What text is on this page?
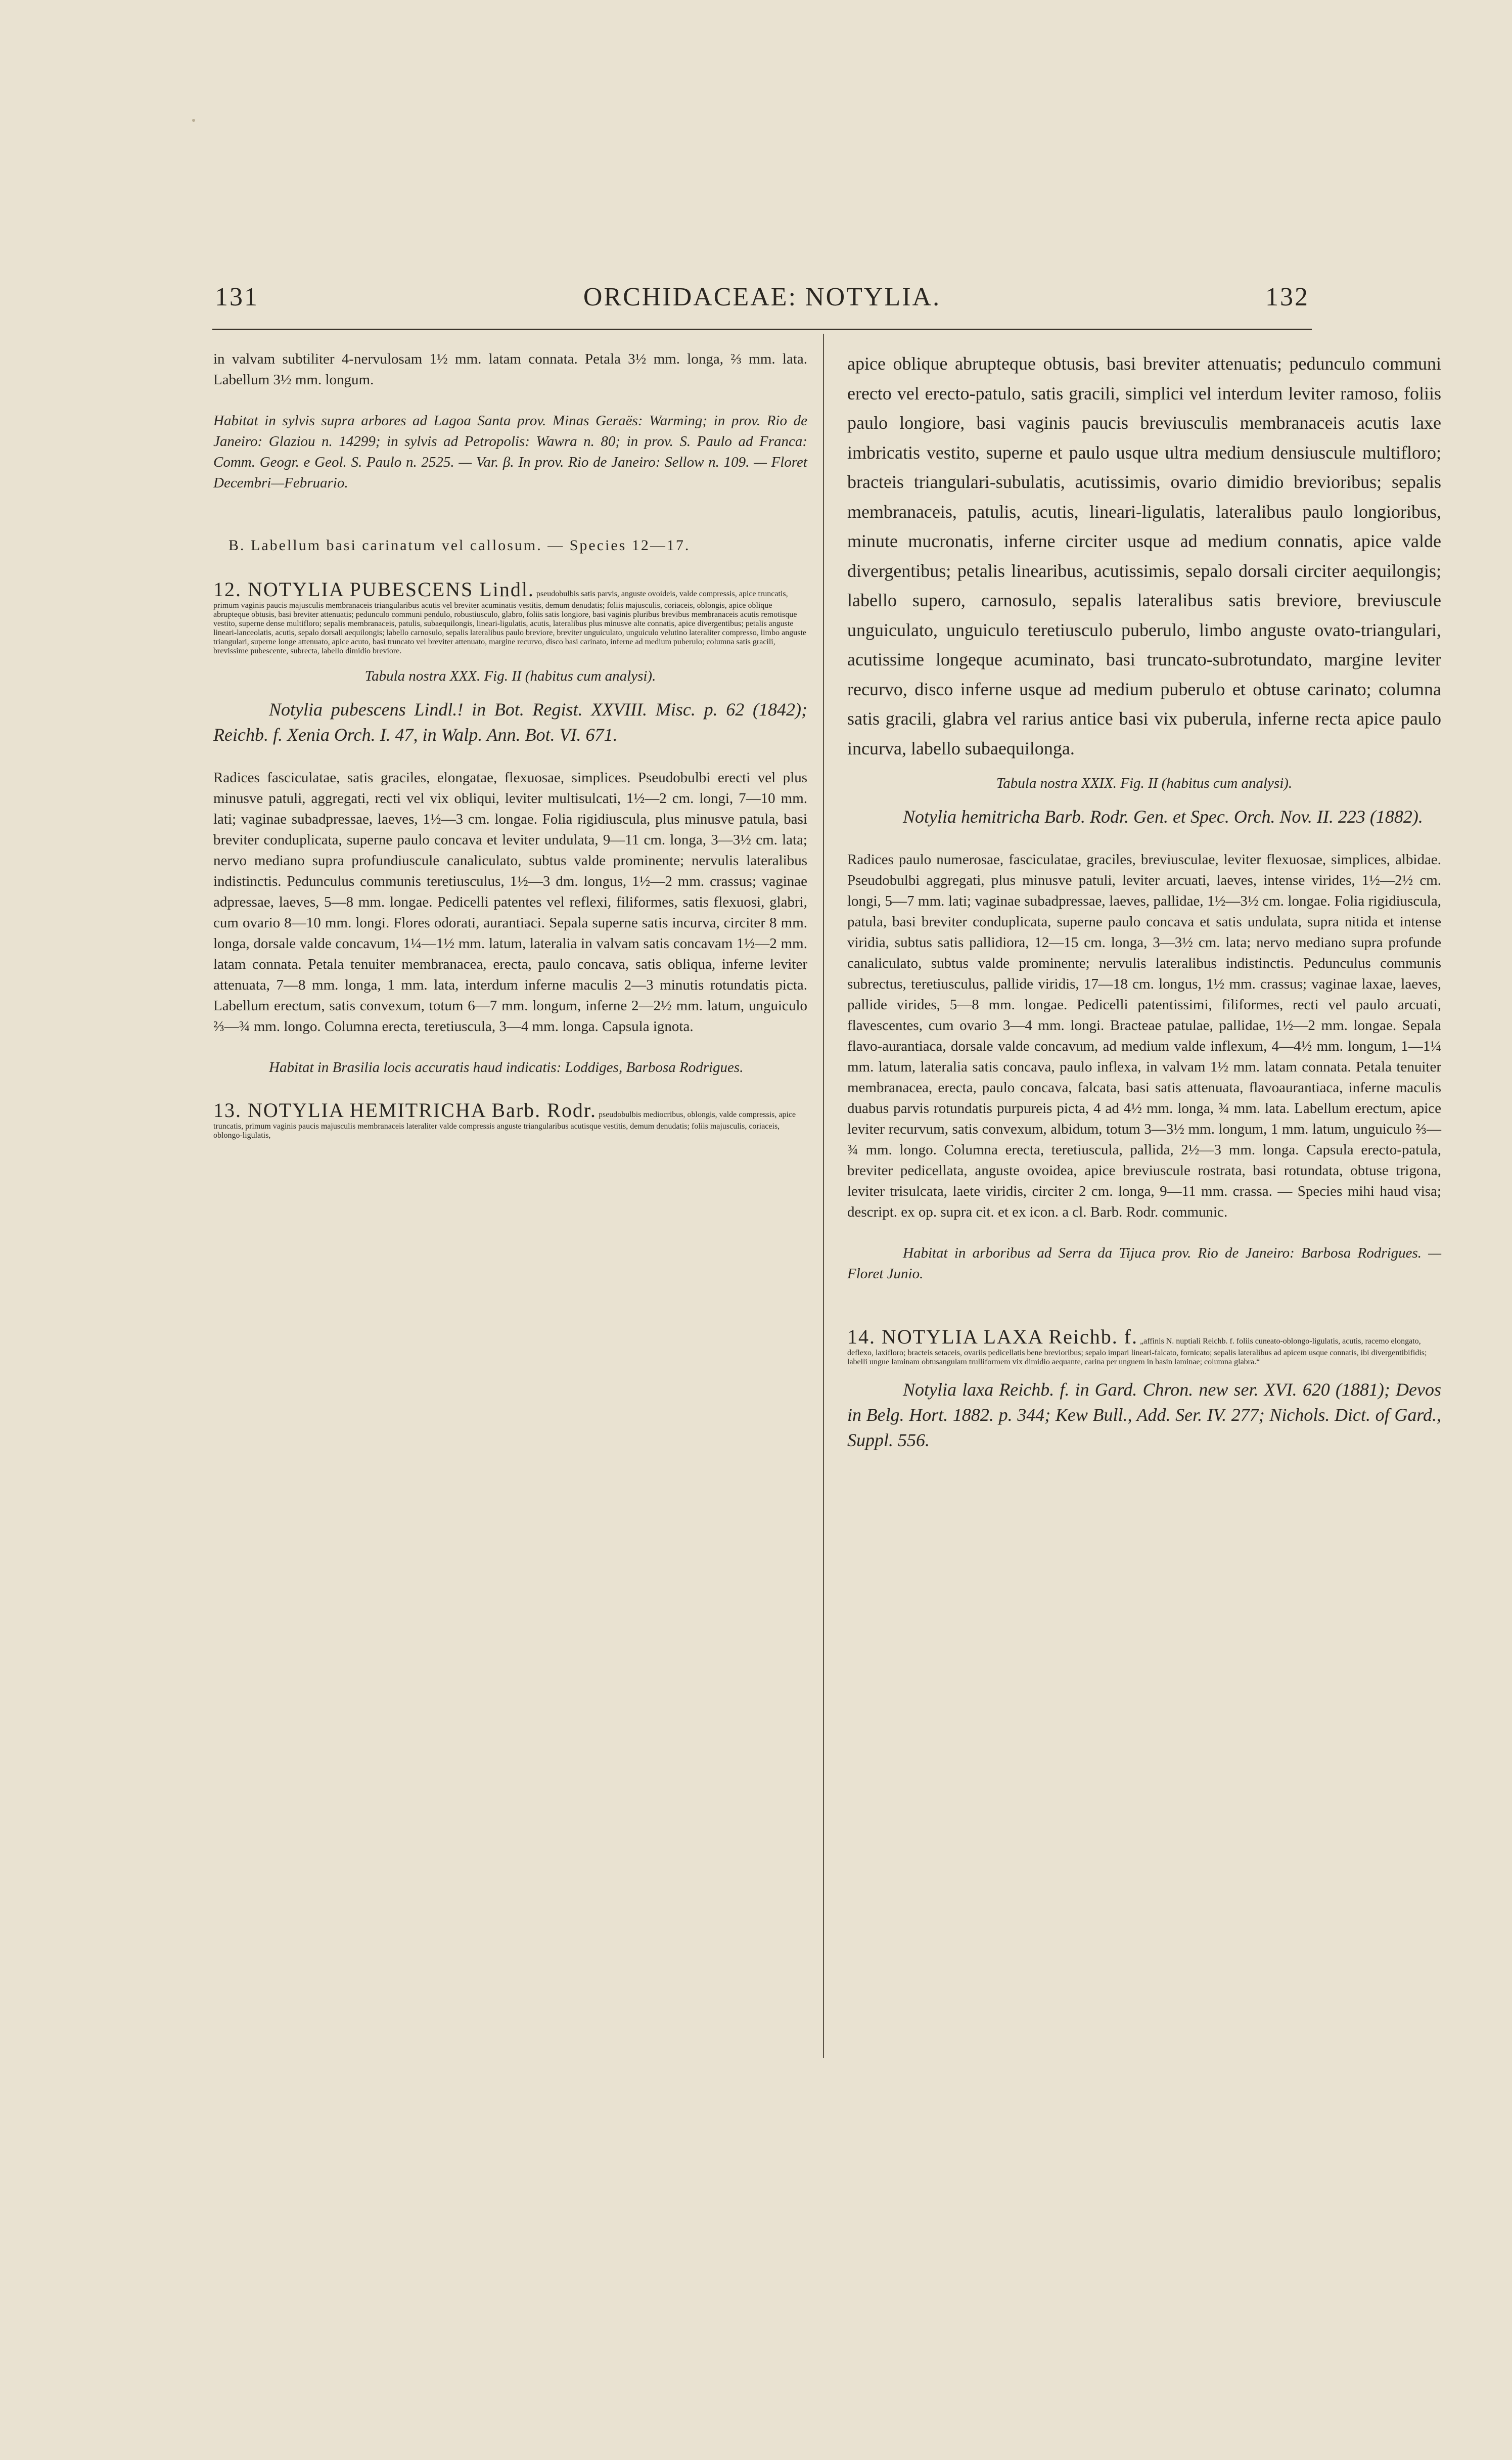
131	ORCHIDACEAE: NOTYLIA.	132

in valvam subtiliter 4-nervulosam 1½ mm. latam connata. Petala 3½ mm. longa, ⅔ mm. lata. Labellum 3½ mm. longum.

Habitat in sylvis supra arbores ad Lagoa Santa prov. Minas Geraës: Warming; in prov. Rio de Janeiro: Glaziou n. 14299; in sylvis ad Petropolis: Wawra n. 80; in prov. S. Paulo ad Franca: Comm. Geogr. e Geol. S. Paulo n. 2525. — Var. β. In prov. Rio de Janeiro: Sellow n. 109. — Floret Decembri—Februario.

B. Labellum basi carinatum vel callosum. — Species 12—17.

12. NOTYLIA PUBESCENS Lindl. pseudobulbis satis parvis, anguste ovoideis, valde compressis, apice truncatis, primum vaginis paucis majusculis membranaceis triangularibus acutis vel breviter acuminatis vestitis, demum denudatis; foliis majusculis, coriaceis, oblongis, apice oblique abrupteque obtusis, basi breviter attenuatis; pedunculo communi pendulo, robustiusculo, glabro, foliis satis longiore, basi vaginis pluribus brevibus membranaceis acutis remotisque vestito, superne dense multifloro; sepalis membranaceis, patulis, subaequilongis, lineari-ligulatis, acutis, lateralibus plus minusve alte connatis, apice divergentibus; petalis anguste lineari-lanceolatis, acutis, sepalo dorsali aequilongis; labello carnosulo, sepalis lateralibus paulo breviore, breviter unguiculato, unguiculo velutino lateraliter compresso, limbo anguste triangulari, superne longe attenuato, apice acuto, basi truncato vel breviter attenuato, margine recurvo, disco basi carinato, inferne ad medium puberulo; columna satis gracili, brevissime pubescente, subrecta, labello dimidio breviore.

Tabula nostra XXX. Fig. II (habitus cum analysi).

Notylia pubescens Lindl.! in Bot. Regist. XXVIII. Misc. p. 62 (1842); Reichb. f. Xenia Orch. I. 47, in Walp. Ann. Bot. VI. 671.

Radices fasciculatae, satis graciles, elongatae, flexuosae, simplices. Pseudobulbi erecti vel plus minusve patuli, aggregati, recti vel vix obliqui, leviter multisulcati, 1½—2 cm. longi, 7—10 mm. lati; vaginae subadpressae, laeves, 1½—3 cm. longae. Folia rigidiuscula, plus minusve patula, basi breviter conduplicata, superne paulo concava et leviter undulata, 9—11 cm. longa, 3—3½ cm. lata; nervo mediano supra profundiuscule canaliculato, subtus valde prominente; nervulis lateralibus indistinctis. Pedunculus communis teretiusculus, 1½—3 dm. longus, 1½—2 mm. crassus; vaginae adpressae, laeves, 5—8 mm. longae. Pedicelli patentes vel reflexi, filiformes, satis flexuosi, glabri, cum ovario 8—10 mm. longi. Flores odorati, aurantiaci. Sepala superne satis incurva, circiter 8 mm. longa, dorsale valde concavum, 1¼—1½ mm. latum, lateralia in valvam satis concavam 1½—2 mm. latam connata. Petala tenuiter membranacea, erecta, paulo concava, satis obliqua, inferne leviter attenuata, 7—8 mm. longa, 1 mm. lata, interdum inferne maculis 2—3 minutis rotundatis picta. Labellum erectum, satis convexum, totum 6—7 mm. longum, inferne 2—2½ mm. latum, unguiculo ⅔—¾ mm. longo. Columna erecta, teretiuscula, 3—4 mm. longa. Capsula ignota.

Habitat in Brasilia locis accuratis haud indicatis: Loddiges, Barbosa Rodrigues.

13. NOTYLIA HEMITRICHA Barb. Rodr. pseudobulbis mediocribus, oblongis, valde compressis, apice truncatis, primum vaginis paucis majusculis membranaceis lateraliter valde compressis anguste triangularibus acutisque vestitis, demum denudatis; foliis majusculis, coriaceis, oblongo-ligulatis,

apice oblique abrupteque obtusis, basi breviter attenuatis; pedunculo communi erecto vel erecto-patulo, satis gracili, simplici vel interdum leviter ramoso, foliis paulo longiore, basi vaginis paucis breviusculis membranaceis acutis laxe imbricatis vestito, superne et paulo usque ultra medium densiuscule multifloro; bracteis triangulari-subulatis, acutissimis, ovario dimidio brevioribus; sepalis membranaceis, patulis, acutis, lineari-ligulatis, lateralibus paulo longioribus, minute mucronatis, inferne circiter usque ad medium connatis, apice valde divergentibus; petalis linearibus, acutissimis, sepalo dorsali circiter aequilongis; labello supero, carnosulo, sepalis lateralibus satis breviore, breviuscule unguiculato, unguiculo teretiusculo puberulo, limbo anguste ovato-triangulari, acutissime longeque acuminato, basi truncato-subrotundato, margine leviter recurvo, disco inferne usque ad medium puberulo et obtuse carinato; columna satis gracili, glabra vel rarius antice basi vix puberula, inferne recta apice paulo incurva, labello subaequilonga.

Tabula nostra XXIX. Fig. II (habitus cum analysi).

Notylia hemitricha Barb. Rodr. Gen. et Spec. Orch. Nov. II. 223 (1882).

Radices paulo numerosae, fasciculatae, graciles, breviusculae, leviter flexuosae, simplices, albidae. Pseudobulbi aggregati, plus minusve patuli, leviter arcuati, laeves, intense virides, 1½—2½ cm. longi, 5—7 mm. lati; vaginae subadpressae, laeves, pallidae, 1½—3½ cm. longae. Folia rigidiuscula, patula, basi breviter conduplicata, superne paulo concava et satis undulata, supra nitida et intense viridia, subtus satis pallidiora, 12—15 cm. longa, 3—3½ cm. lata; nervo mediano supra profunde canaliculato, subtus valde prominente; nervulis lateralibus indistinctis. Pedunculus communis subrectus, teretiusculus, pallide viridis, 17—18 cm. longus, 1½ mm. crassus; vaginae laxae, laeves, pallide virides, 5—8 mm. longae. Pedicelli patentissimi, filiformes, recti vel paulo arcuati, flavescentes, cum ovario 3—4 mm. longi. Bracteae patulae, pallidae, 1½—2 mm. longae. Sepala flavo-aurantiaca, dorsale valde concavum, ad medium valde inflexum, 4—4½ mm. longum, 1—1¼ mm. latum, lateralia satis concava, paulo inflexa, in valvam 1½ mm. latam connata. Petala tenuiter membranacea, erecta, paulo concava, falcata, basi satis attenuata, flavoaurantiaca, inferne maculis duabus parvis rotundatis purpureis picta, 4 ad 4½ mm. longa, ¾ mm. lata. Labellum erectum, apice leviter recurvum, satis convexum, albidum, totum 3—3½ mm. longum, 1 mm. latum, unguiculo ⅔—¾ mm. longo. Columna erecta, teretiuscula, pallida, 2½—3 mm. longa. Capsula erecto-patula, breviter pedicellata, anguste ovoidea, apice breviuscule rostrata, basi rotundata, obtuse trigona, leviter trisulcata, laete viridis, circiter 2 cm. longa, 9—11 mm. crassa. — Species mihi haud visa; descript. ex op. supra cit. et ex icon. a cl. Barb. Rodr. communic.

Habitat in arboribus ad Serra da Tijuca prov. Rio de Janeiro: Barbosa Rodrigues. — Floret Junio.

14. NOTYLIA LAXA Reichb. f. „affinis N. nuptiali Reichb. f. foliis cuneato-oblongo-ligulatis, acutis, racemo elongato, deflexo, laxifloro; bracteis setaceis, ovariis pedicellatis bene brevioribus; sepalo impari lineari-falcato, fornicato; sepalis lateralibus ad apicem usque connatis, ibi divergentibifidis; labelli ungue laminam obtusangulam trulliformem vix dimidio aequante, carina per unguem in basin laminae; columna glabra.“

Notylia laxa Reichb. f. in Gard. Chron. new ser. XVI. 620 (1881); Devos in Belg. Hort. 1882. p. 344; Kew Bull., Add. Ser. IV. 277; Nichols. Dict. of Gard., Suppl. 556.
